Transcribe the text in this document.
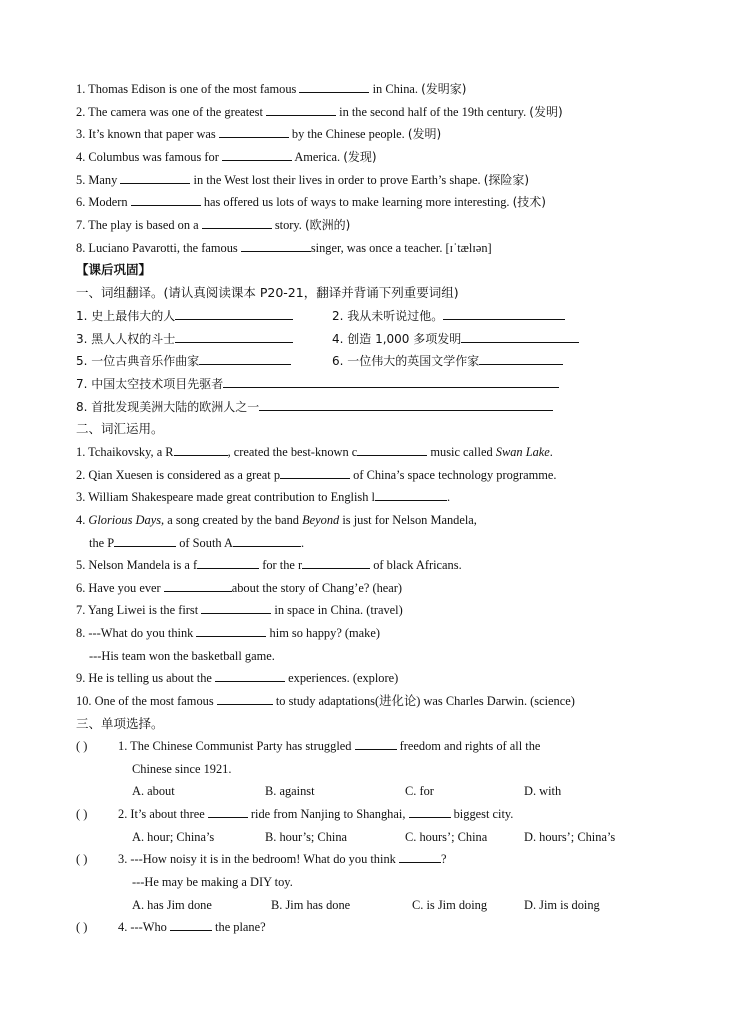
1. Thomas Edison is one of the most famous	in China. (发明家)
2. The camera was one of the greatest	in the second half of the 19th century. (发明)
3. It’s known that paper was	by the Chinese people. (发明)
4. Columbus was famous for	America. (发现)
5. Many	in the West lost their lives in order to prove Earth’s shape. (探险家)
6. Modern	has offered us lots of ways to make learning more interesting. (技术)
7. The play is based on a	story. (欧洲的)
8. Luciano Pavarotti, the famous	singer, was once a teacher. [ɪˈtælɪən]
【课后巩固】
一、词组翻译。(请认真阅读课本 P20-21，翻译并背诵下列重要词组)
1. 史上最伟大的人	2. 我从未听说过他。
3. 黑人人权的斗士	4. 创造 1,000 多项发明
5. 一位古典音乐作曲家	6. 一位伟大的英国文学作家
7. 中国太空技术项目先驱者
8. 首批发现美洲大陆的欧洲人之一
二、词汇运用。
1. Tchaikovsky, a R	, created the best-known c	music called Swan Lake.
2. Qian Xuesen is considered as a great p	of China’s space technology programme.
3. William Shakespeare made great contribution to English l	.
4. Glorious Days, a song created by the band Beyond is just for Nelson Mandela,
the P	of South A	.
5. Nelson Mandela is a f	for the r	of black Africans.
6. Have you ever	about the story of Chang’e? (hear)
7. Yang Liwei is the first	in space in China. (travel)
8. ---What do you think	him so happy? (make)
---His team won the basketball game.
9. He is telling us about the	experiences. (explore)
10. One of the most famous	to study adaptations(进化论) was Charles Darwin. (science)
三、单项选择。
( ) 1. The Chinese Communist Party has struggled	freedom and rights of all the
Chinese since 1921.
A. about	B. against	C. for	D. with
( ) 2. It’s about three	ride from Nanjing to Shanghai,	biggest city.
A. hour; China’s	B. hour’s; China	C. hours’; China	D. hours’; China’s
( ) 3. ---How noisy it is in the bedroom! What do you think	?
---He may be making a DIY toy.
A. has Jim done	B. Jim has done	C. is Jim doing	D. Jim is doing
( ) 4. ---Who	the plane?
